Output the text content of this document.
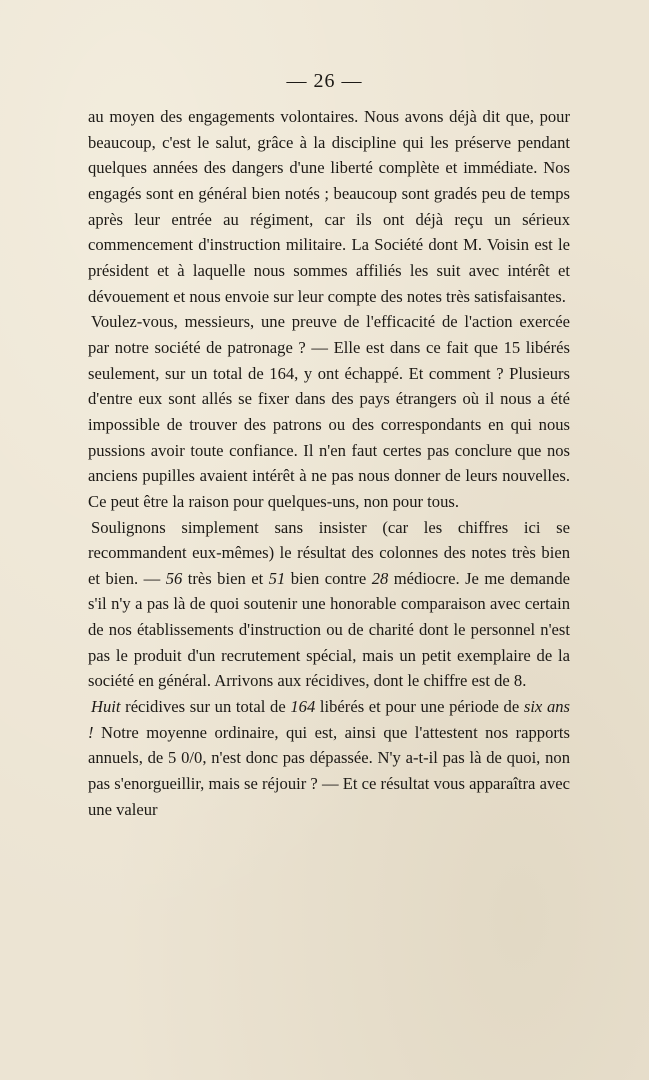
— 26 —

au moyen des engagements volontaires. Nous avons déjà dit que, pour beaucoup, c'est le salut, grâce à la discipline qui les préserve pendant quelques années des dangers d'une liberté complète et immédiate. Nos engagés sont en général bien notés ; beaucoup sont gradés peu de temps après leur entrée au régiment, car ils ont déjà reçu un sérieux commencement d'instruction militaire. La Société dont M. Voisin est le président et à laquelle nous sommes affiliés les suit avec intérêt et dévouement et nous envoie sur leur compte des notes très satisfaisantes.

Voulez-vous, messieurs, une preuve de l'efficacité de l'action exercée par notre société de patronage ? — Elle est dans ce fait que 15 libérés seulement, sur un total de 164, y ont échappé. Et comment ? Plusieurs d'entre eux sont allés se fixer dans des pays étrangers où il nous a été impossible de trouver des patrons ou des correspondants en qui nous pussions avoir toute confiance. Il n'en faut certes pas conclure que nos anciens pupilles avaient intérêt à ne pas nous donner de leurs nouvelles. Ce peut être la raison pour quelques-uns, non pour tous.

Soulignons simplement sans insister (car les chiffres ici se recommandent eux-mêmes) le résultat des colonnes des notes très bien et bien. — 56 très bien et 51 bien contre 28 médiocre. Je me demande s'il n'y a pas là de quoi soutenir une honorable comparaison avec certain de nos établissements d'instruction ou de charité dont le personnel n'est pas le produit d'un recrutement spécial, mais un petit exemplaire de la société en général. Arrivons aux récidives, dont le chiffre est de 8.

Huit récidives sur un total de 164 libérés et pour une période de six ans ! Notre moyenne ordinaire, qui est, ainsi que l'attestent nos rapports annuels, de 5 0/0, n'est donc pas dépassée. N'y a-t-il pas là de quoi, non pas s'enorgueillir, mais se réjouir ? — Et ce résultat vous apparaîtra avec une valeur
